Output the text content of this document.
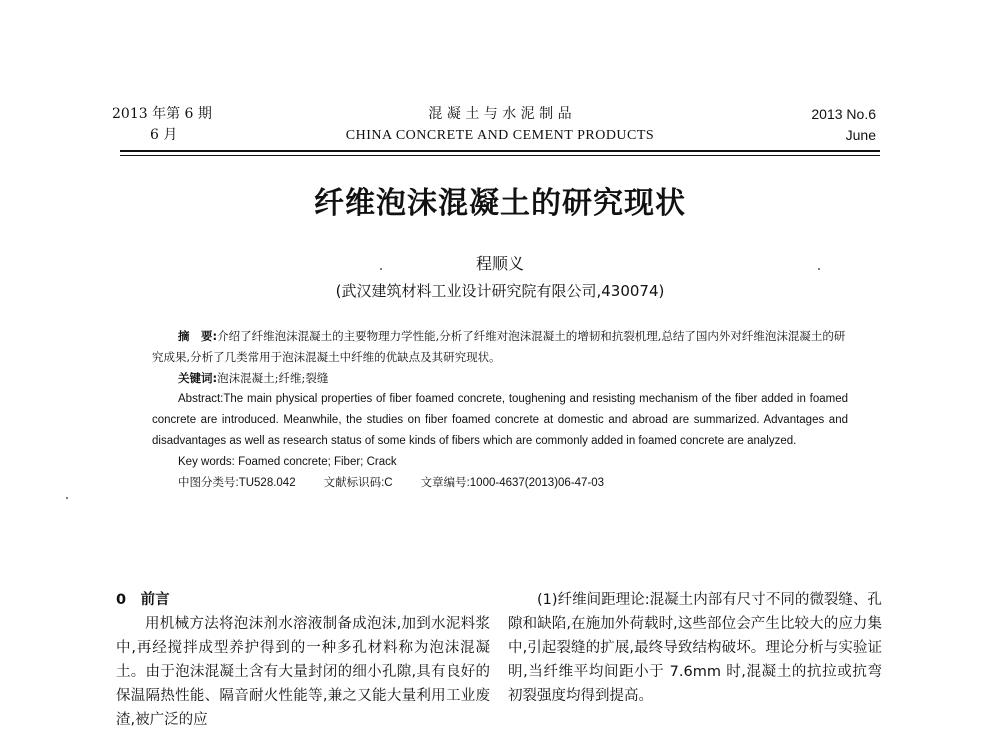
2013 年第 6 期
6 月
混 凝 土 与 水 泥 制 品
CHINA CONCRETE AND CEMENT PRODUCTS
2013 No.6
June
纤维泡沫混凝土的研究现状
程顺义
(武汉建筑材料工业设计研究院有限公司,430074)
摘　要:介绍了纤维泡沫混凝土的主要物理力学性能,分析了纤维对泡沫混凝土的增韧和抗裂机理,总结了国内外对纤维泡沫混凝土的研究成果,分析了几类常用于泡沫混凝土中纤维的优缺点及其研究现状。
关键词:泡沫混凝土;纤维;裂缝
Abstract:The main physical properties of fiber foamed concrete, toughening and resisting mechanism of the fiber added in foamed concrete are introduced. Meanwhile, the studies on fiber foamed concrete at domestic and abroad are summarized. Advantages and disadvantages as well as research status of some kinds of fibers which are commonly added in foamed concrete are analyzed.
Key words: Foamed concrete; Fiber; Crack
中图分类号:TU528.042 文献标识码:C 文章编号:1000-4637(2013)06-47-03
0　前言

用机械方法将泡沫剂水溶液制备成泡沫,加到水泥料浆中,再经搅拌成型养护得到的一种多孔材料称为泡沫混凝土。由于泡沫混凝土含有大量封闭的细小孔隙,具有良好的保温隔热性能、隔音耐火性能等,兼之又能大量利用工业废渣,被广泛的应

(1)纤维间距理论:混凝土内部有尺寸不同的微裂缝、孔隙和缺陷,在施加外荷载时,这些部位会产生比较大的应力集中,引起裂缝的扩展,最终导致结构破坏。理论分析与实验证明,当纤维平均间距小于 7.6mm 时,混凝土的抗拉或抗弯初裂强度均得到提高。
